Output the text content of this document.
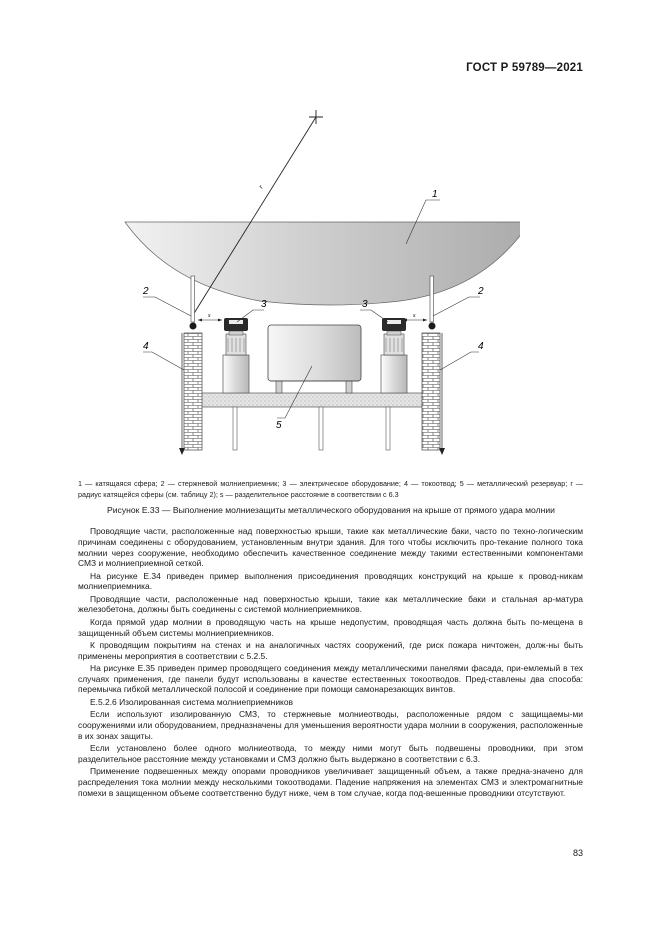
ГОСТ Р 59789—2021
r
s	s
1
2	2
3	3
4	4
5
1 — катящаяся сфера; 2 — стержневой молниеприемник; 3 — электрическое оборудование; 4 — токоотвод; 5 — металлический резервуар; r — радиус катящейся сферы (см. таблицу 2); s — разделительное расстояние в соответствии с 6.3
Рисунок Е.33 — Выполнение молниезащиты металлического оборудования на крыше от прямого удара молнии

Проводящие части, расположенные над поверхностью крыши, такие как металлические баки, часто по техно-логическим причинам соединены с оборудованием, установленным внутри здания. Для того чтобы исключить про-текание полного тока молнии через сооружение, необходимо обеспечить качественное соединение между такими естественными компонентами СМЗ и молниеприемной сеткой.

На рисунке Е.34 приведен пример выполнения присоединения проводящих конструкций на крыше к провод-никам молниеприемника.

Проводящие части, расположенные над поверхностью крыши, такие как металлические баки и стальная ар-матура железобетона, должны быть соединены с системой молниеприемников.

Когда прямой удар молнии в проводящую часть на крыше недопустим, проводящая часть должна быть по-мещена в защищенный объем системы молниеприемников.

К проводящим покрытиям на стенах и на аналогичных частях сооружений, где риск пожара ничтожен, долж-ны быть применены мероприятия в соответствии с 5.2.5.

На рисунке Е.35 приведен пример проводящего соединения между металлическими панелями фасада, при-емлемый в тех случаях применения, где панели будут использованы в качестве естественных токоотводов. Пред-ставлены два способа: перемычка гибкой металлической полосой и соединение при помощи самонарезающих винтов.

Е.5.2.6 Изолированная система молниеприемников

Если используют изолированную СМЗ, то стержневые молниеотводы, расположенные рядом с защищаемы-ми сооружениями или оборудованием, предназначены для уменьшения вероятности удара молнии в сооружения, расположенные в их зонах защиты.

Если установлено более одного молниеотвода, то между ними могут быть подвешены проводники, при этом разделительное расстояние между установками и СМЗ должно быть выдержано в соответствии с 6.3.

Применение подвешенных между опорами проводников увеличивает защищенный объем, а также предна-значено для распределения тока молнии между несколькими токоотводами. Падение напряжения на элементах СМЗ и электромагнитные помехи в защищенном объеме соответственно будут ниже, чем в том случае, когда под-вешенные проводники отсутствуют.

83
